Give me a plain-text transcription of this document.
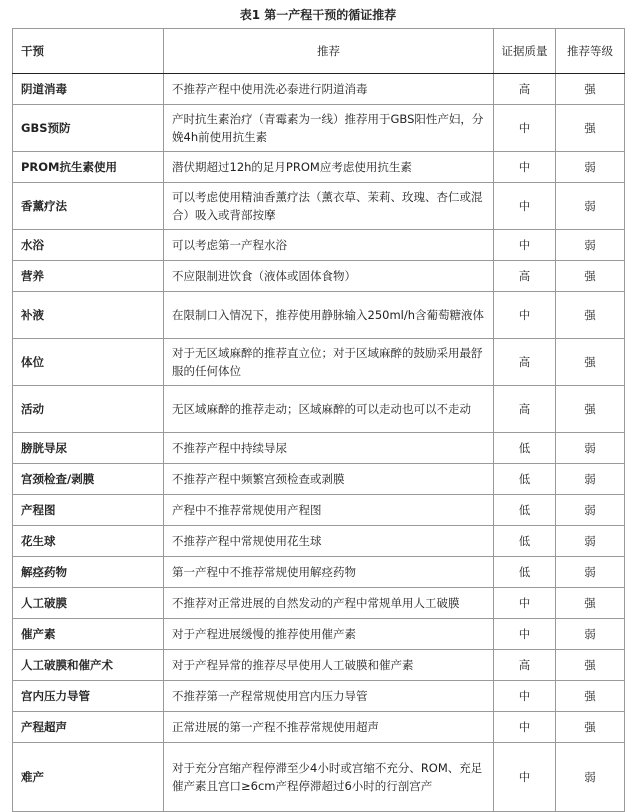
表1 第一产程干预的循证推荐
干预	推荐	证据质量	推荐等级
阴道消毒	不推荐产程中使用洗必泰进行阴道消毒	高	强
GBS预防	产时抗生素治疗（青霉素为一线）推荐用于GBS阳性产妇，分娩4h前使用抗生素	中	强
PROM抗生素使用	潜伏期超过12h的足月PROM应考虑使用抗生素	中	弱
香薰疗法	可以考虑使用精油香薰疗法（薰衣草、茉莉、玫瑰、杏仁或混合）吸入或背部按摩	中	弱
水浴	可以考虑第一产程水浴	中	弱
营养	不应限制进饮食（液体或固体食物）	高	强
补液	在限制口入情况下，推荐使用静脉输入250ml/h含葡萄糖液体	中	强
体位	对于无区域麻醉的推荐直立位；对于区域麻醉的鼓励采用最舒服的任何体位	高	强
活动	无区域麻醉的推荐走动；区域麻醉的可以走动也可以不走动	高	强
膀胱导尿	不推荐产程中持续导尿	低	弱
宫颈检查/剥膜	不推荐产程中频繁宫颈检查或剥膜	低	弱
产程图	产程中不推荐常规使用产程图	低	弱
花生球	不推荐产程中常规使用花生球	低	弱
解痉药物	第一产程中不推荐常规使用解痉药物	低	弱
人工破膜	不推荐对正常进展的自然发动的产程中常规单用人工破膜	中	强
催产素	对于产程进展缓慢的推荐使用催产素	中	弱
人工破膜和催产术	对于产程异常的推荐尽早使用人工破膜和催产素	高	强
宫内压力导管	不推荐第一产程常规使用宫内压力导管	中	强
产程超声	正常进展的第一产程不推荐常规使用超声	中	强
难产	对于充分宫缩产程停滞至少4小时或宫缩不充分、ROM、充足催产素且宫口≥6cm产程停滞超过6小时的行剖宫产	中	弱
